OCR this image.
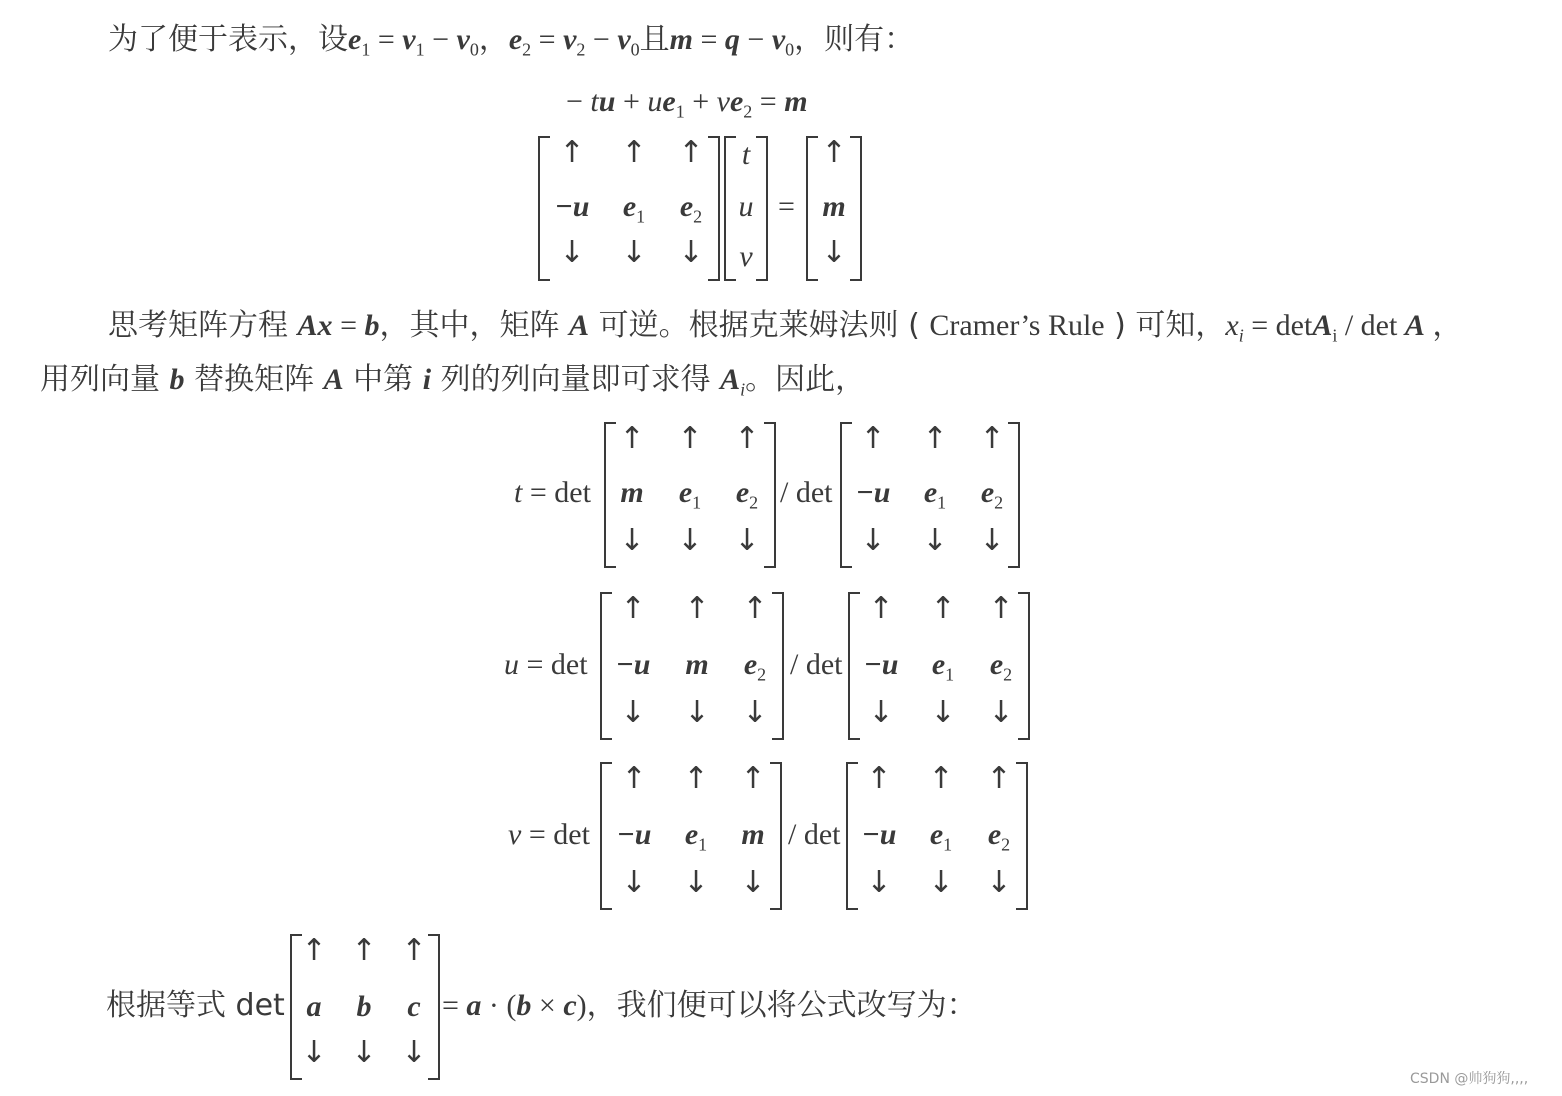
为了便于表示，设$e_1 = v_1 - v_0$，$e_2 = v_2 - v_0$且$m = q - v_0$，则有：
− tu + $ue_1 + ve_2 = m$
↑ ↑ ↑
−u $e_1$ $e_2$
↓ ↓ ↓
t
u
v
=
↑
m
↓
思考矩阵方程 Ax = b，其中，矩阵 A 可逆。根据克莱姆法则 ( Cramer’s Rule ) 可知，$x_i = \det A_i / \det A$ ，
用列向量 b 替换矩阵 A 中第 i 列的列向量即可求得 $A_i$。因此，
t = det
↑ ↑ ↑
m $e_1$ $e_2$
↓ ↓ ↓
/ det
↑ ↑ ↑
−u $e_1$ $e_2$
↓ ↓ ↓
u = det
↑ ↑ ↑
−u m $e_2$
↓ ↓ ↓
/ det
↑ ↑ ↑
−u $e_1$ $e_2$
↓ ↓ ↓
v = det
↑ ↑ ↑
−u $e_1$ m
↓ ↓ ↓
/ det
↑ ↑ ↑
−u $e_1$ $e_2$
↓ ↓ ↓
根据等式 det
↑ ↑ ↑
a b c
↓ ↓ ↓
= a · (b × c)，我们便可以将公式改写为：
CSDN @帅狗狗,,,,
